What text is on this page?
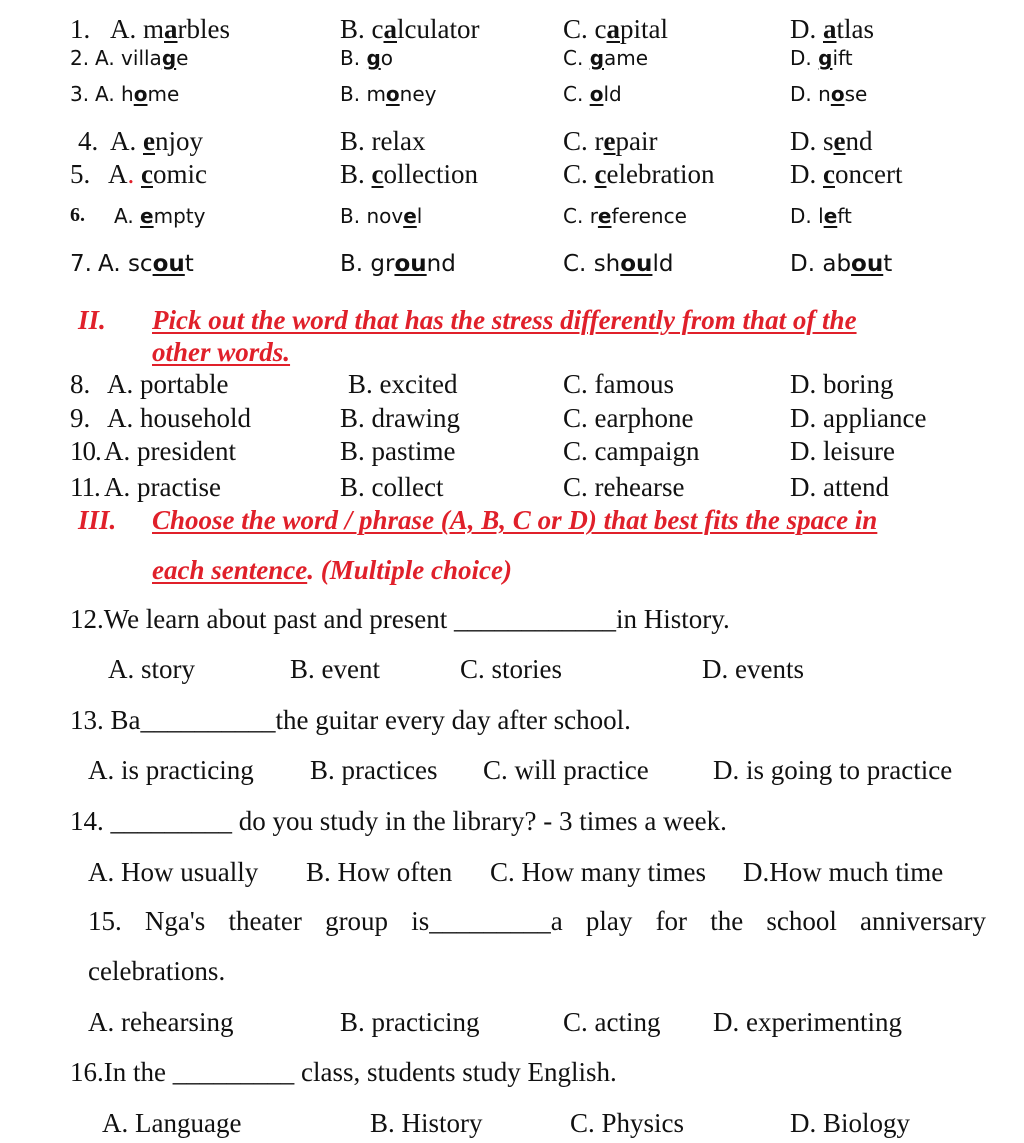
1. A. marbles	B. calculator	C. capital	D. atlas
2. A. village	B. go	C. game	D. gift
3. A. home	B. money	C. old	D. nose
4. A. enjoy	B. relax	C. repair	D. send
5. A. comic	B. collection	C. celebration	D. concert
6. A. empty	B. novel	C. reference	D. left
7. A. scout	B. ground	C. should	D. about
II. Pick out the word that has the stress differently from that of the
other words.
8. A. portable	B. excited	C. famous	D. boring
9. A. household	B. drawing	C. earphone	D. appliance
10. A. president	B. pastime	C. campaign	D. leisure
11. A. practise	B. collect	C. rehearse	D. attend
III. Choose the word / phrase (A, B, C or D) that best fits the space in
each sentence. (Multiple choice)
12.We learn about past and present ____________in History.
A. story	B. event	C. stories	D. events
13. Ba__________the guitar every day after school.
A. is practicing B. practices C. will practice D. is going to practice
14. _________ do you study in the library? - 3 times a week.
A. How usually B. How often C. How many times D.How much time
15. Nga's theater group is_________a play for the school anniversary
celebrations.
A. rehearsing	B. practicing	C. acting D. experimenting
16.In the _________ class, students study English.
A. Language	B. History	C. Physics	D. Biology
